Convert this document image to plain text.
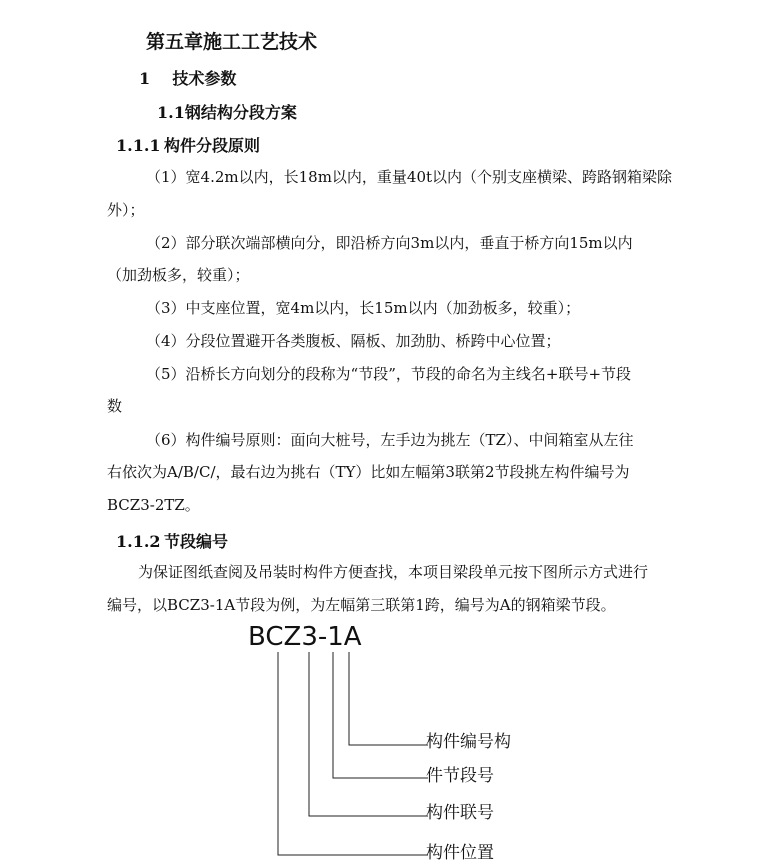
第五章施工工艺技术
1 技术参数
1.1钢结构分段方案
1.1.1 构件分段原则
（1）宽4.2m以内，长18m以内，重量40t以内（个别支座横梁、跨路钢箱梁除
外）；
（2）部分联次端部横向分，即沿桥方向3m以内，垂直于桥方向15m以内
（加劲板多，较重）；
（3）中支座位置，宽4m以内，长15m以内（加劲板多，较重）；
（4）分段位置避开各类腹板、隔板、加劲肋、桥跨中心位置；
（5）沿桥长方向划分的段称为“节段”，节段的命名为主线名+联号+节段
数
（6）构件编号原则：面向大桩号，左手边为挑左（TZ）、中间箱室从左往
右依次为A/B/C/，最右边为挑右（TY）比如左幅第3联第2节段挑左构件编号为
BCZ3-2TZ。
1.1.2 节段编号
为保证图纸查阅及吊装时构件方便查找，本项目梁段单元按下图所示方式进行
编号，以BCZ3-1A节段为例，为左幅第三联第1跨，编号为A的钢箱梁节段。
BCZ3-1A
构件编号构
件节段号
构件联号
构件位置
